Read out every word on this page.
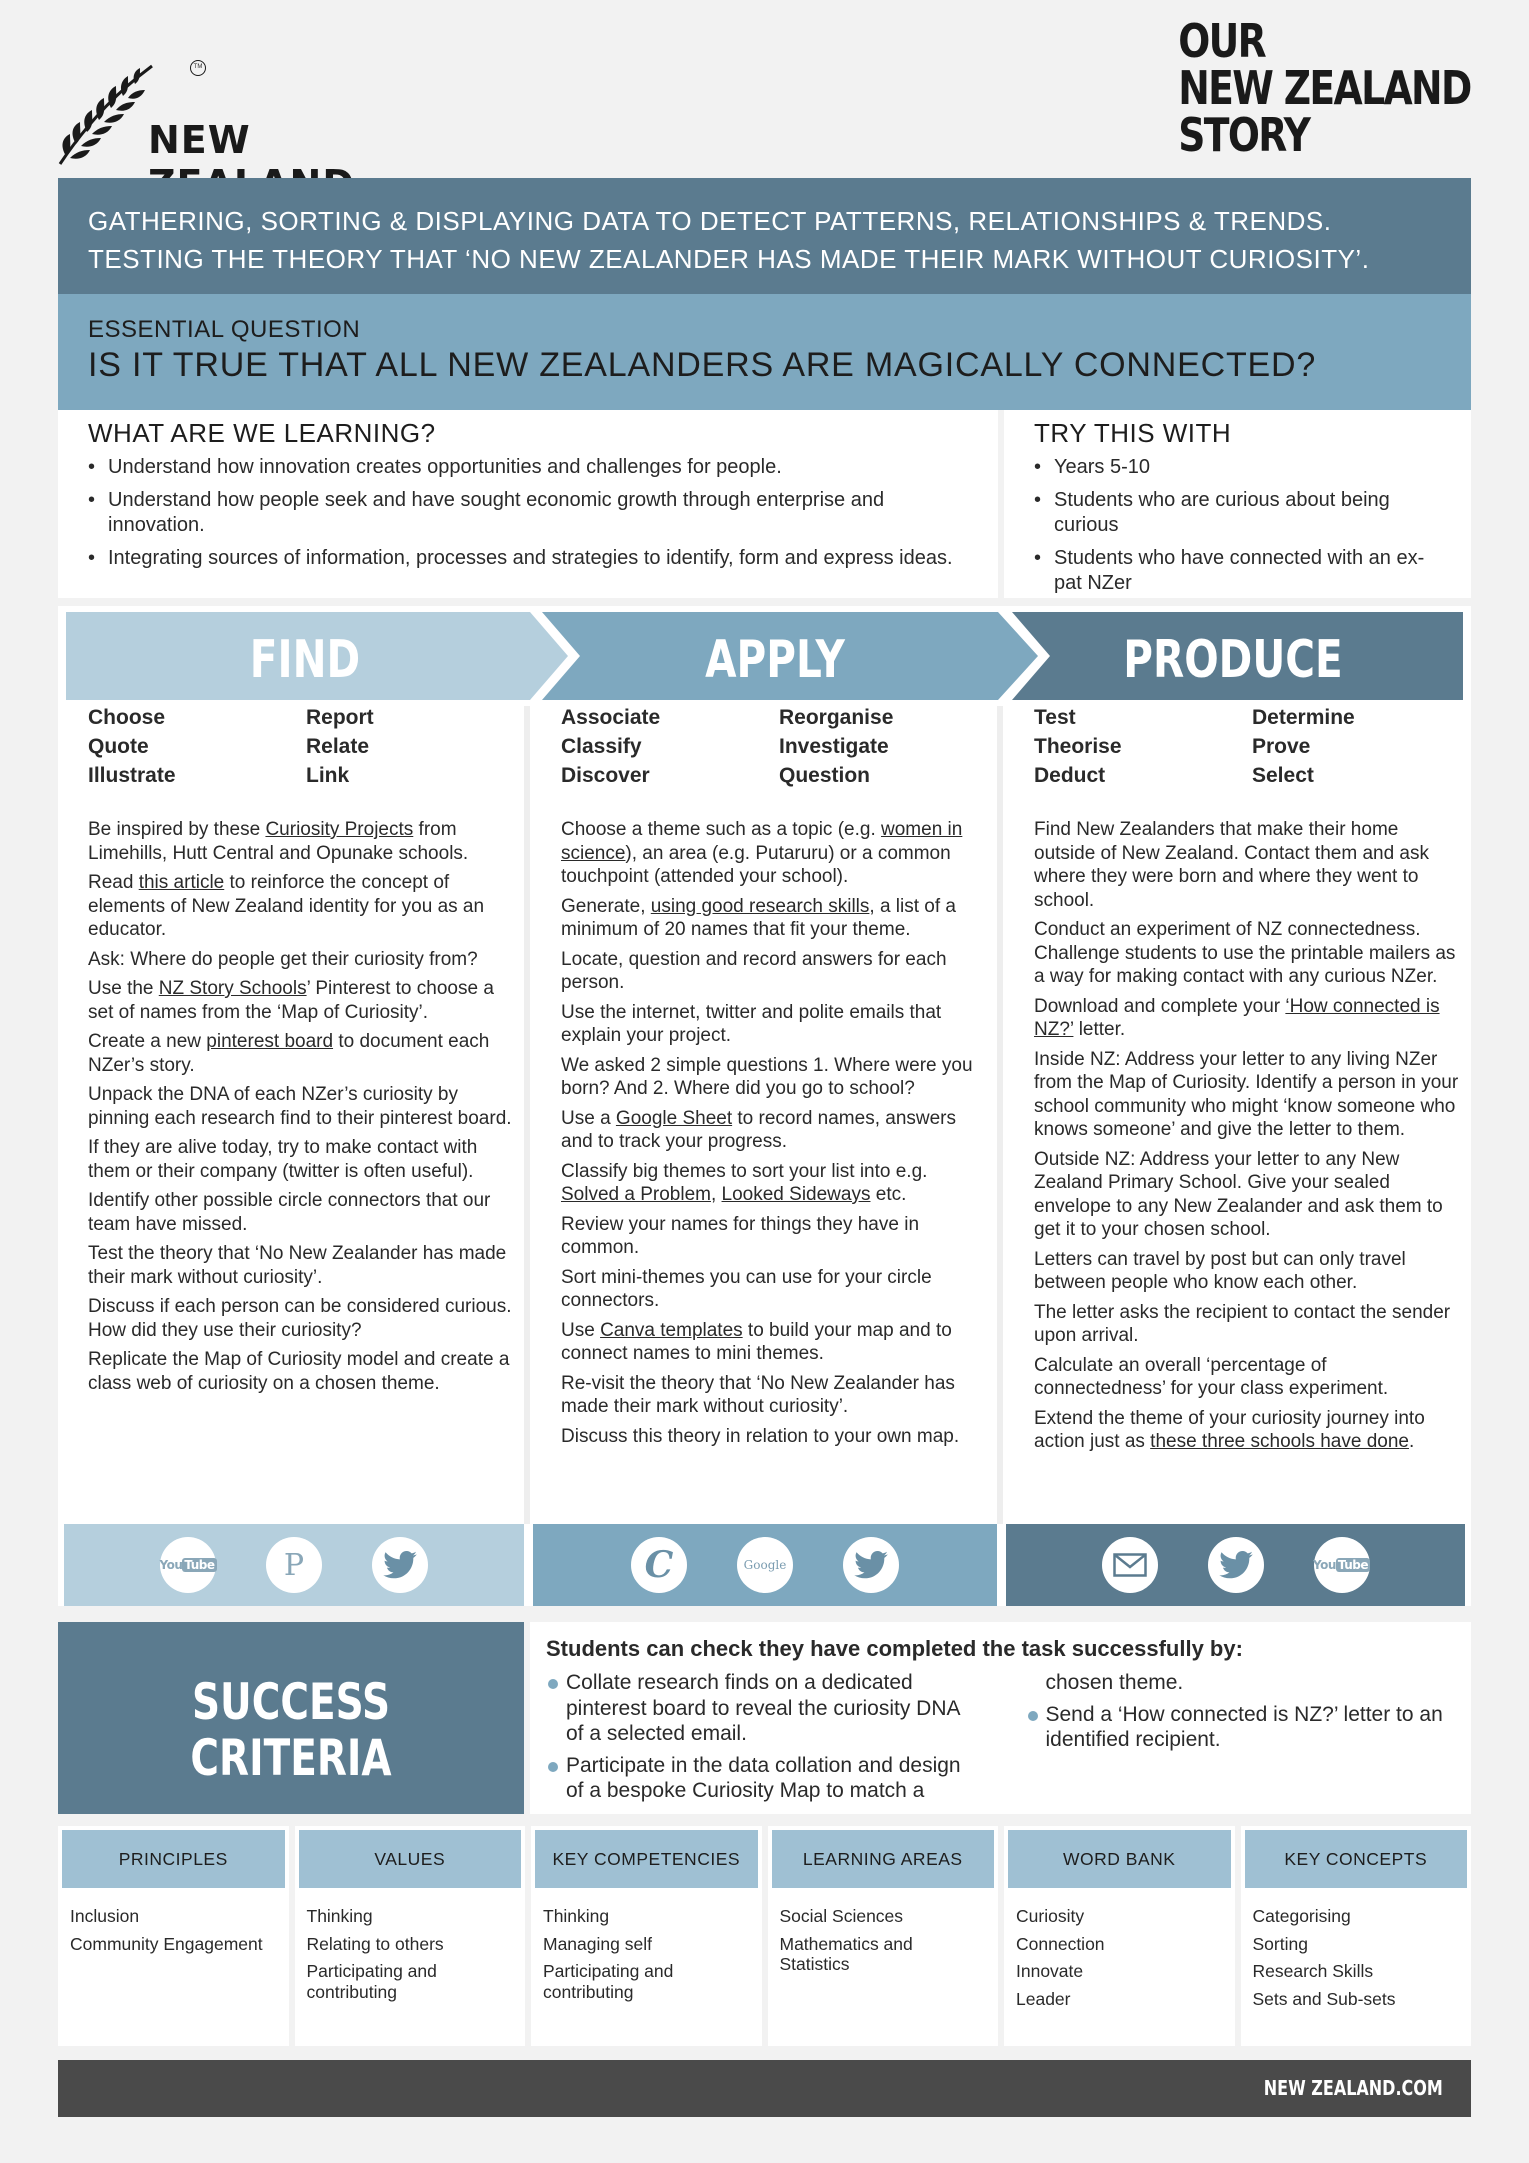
TM
NEW
OUR
NEW ZEALAND
STORY
GATHERING, SORTING & DISPLAYING DATA TO DETECT PATTERNS, RELATIONSHIPS & TRENDS.
TESTING THE THEORY THAT ‘NO NEW ZEALANDER HAS MADE THEIR MARK WITHOUT CURIOSITY’.
ESSENTIAL QUESTION
IS IT TRUE THAT ALL NEW ZEALANDERS ARE MAGICALLY CONNECTED?
WHAT ARE WE LEARNING?
• Understand how innovation creates opportunities and challenges for people.
• Understand how people seek and have sought economic growth through enterprise and innovation.
• Integrating sources of information, processes and strategies to identify, form and express ideas.
TRY THIS WITH
• Years 5-10
• Students who are curious about being curious
• Students who have connected with an ex-pat NZer
FIND	APPLY	PRODUCE
Choose	Report
Quote	Relate
Illustrate	Link

Be inspired by these Curiosity Projects from Limehills, Hutt Central and Opunake schools.

Read this article to reinforce the concept of elements of New Zealand identity for you as an educator.

Ask: Where do people get their curiosity from?

Use the NZ Story Schools’ Pinterest to choose a set of names from the ‘Map of Curiosity’.

Create a new pinterest board to document each NZer’s story.

Unpack the DNA of each NZer’s curiosity by pinning each research find to their pinterest board.

If they are alive today, try to make contact with them or their company (twitter is often useful).

Identify other possible circle connectors that our team have missed.

Test the theory that ‘No New Zealander has made their mark without curiosity’.

Discuss if each person can be considered curious. How did they use their curiosity?

Replicate the Map of Curiosity model and create a class web of curiosity on a chosen theme.

Associate	Reorganise
Classify	Investigate
Discover	Question

Choose a theme such as a topic (e.g. women in science), an area (e.g. Putaruru) or a common touchpoint (attended your school).

Generate, using good research skills, a list of a minimum of 20 names that fit your theme.

Locate, question and record answers for each person.

Use the internet, twitter and polite emails that explain your project.

We asked 2 simple questions 1. Where were you born? And 2. Where did you go to school?

Use a Google Sheet to record names, answers and to track your progress.

Classify big themes to sort your list into e.g. Solved a Problem, Looked Sideways etc.

Review your names for things they have in common.

Sort mini-themes you can use for your circle connectors.

Use Canva templates to build your map and to connect names to mini themes.

Re-visit the theory that ‘No New Zealander has made their mark without curiosity’.

Discuss this theory in relation to your own map.

Test	Determine
Theorise	Prove
Deduct	Select

Find New Zealanders that make their home outside of New Zealand. Contact them and ask where they were born and where they went to school.

Conduct an experiment of NZ connectedness. Challenge students to use the printable mailers as a way for making contact with any curious NZer.

Download and complete your ‘How connected is NZ?’ letter.

Inside NZ: Address your letter to any living NZer from the Map of Curiosity. Identify a person in your school community who might ‘know someone who knows someone’ and give the letter to them.

Outside NZ: Address your letter to any New Zealand Primary School. Give your sealed envelope to any New Zealander and ask them to get it to your chosen school.

Letters can travel by post but can only travel between people who know each other.

The letter asks the recipient to contact the sender upon arrival.

Calculate an overall ‘percentage of connectedness’ for your class experiment.

Extend the theme of your curiosity journey into action just as these three schools have done.

You Tube P	C	Google	You Tube
SUCCESS
CRITERIA
Students can check they have completed the task successfully by:
Collate research finds on a dedicated pinterest board to reveal the curiosity DNA of a selected email.
Participate in the data collation and design of a bespoke Curiosity Map to match a chosen theme.
Send a ‘How connected is NZ?’ letter to an identified recipient.
PRINCIPLES
Inclusion
Community Engagement
VALUES
Thinking
Relating to others
Participating and contributing
KEY COMPETENCIES
Thinking
Managing self
Participating and contributing
LEARNING AREAS
Social Sciences
Mathematics and Statistics
WORD BANK
Curiosity
Connection
Innovate
Leader
KEY CONCEPTS
Categorising
Sorting
Research Skills
Sets and Sub-sets
NEW ZEALAND.COM
